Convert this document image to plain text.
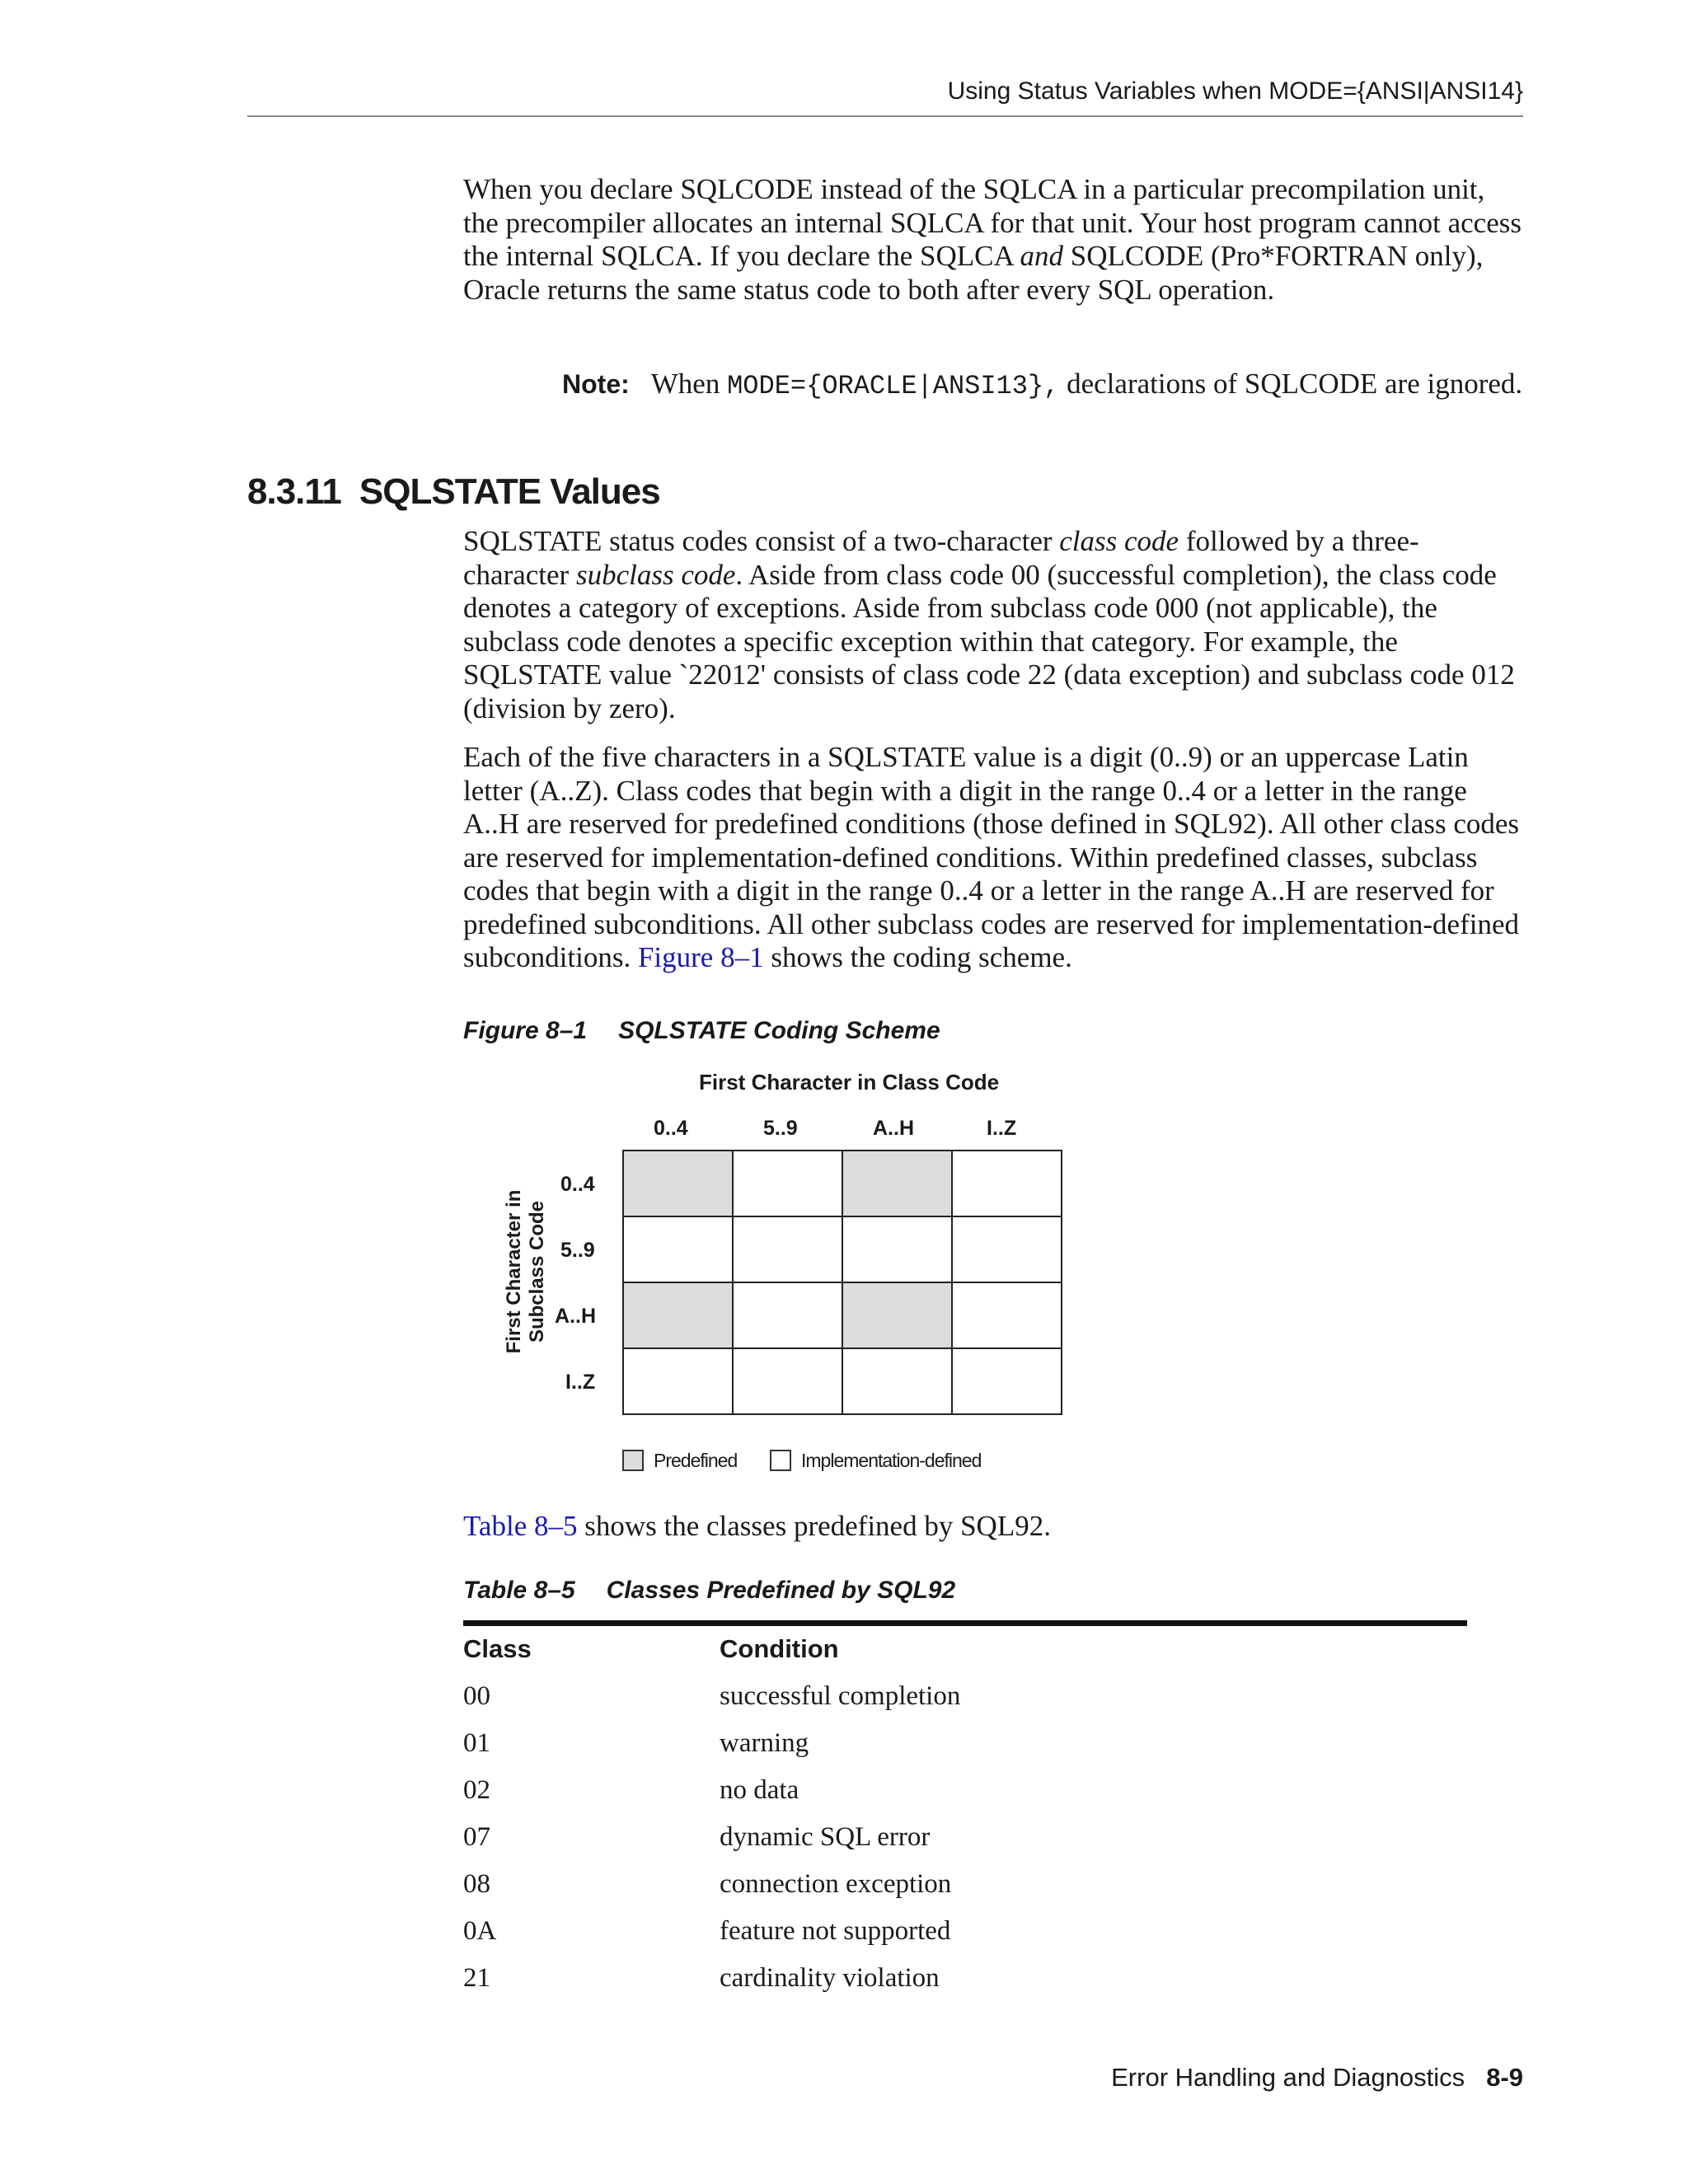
Using Status Variables when MODE={ANSI|ANSI14}

When you declare SQLCODE instead of the SQLCA in a particular precompilation unit, the precompiler allocates an internal SQLCA for that unit. Your host program cannot access the internal SQLCA. If you declare the SQLCA and SQLCODE (Pro*FORTRAN only), Oracle returns the same status code to both after every SQL operation.

Note: When MODE={ORACLE|ANSI13}, declarations of SQLCODE are ignored.
8.3.11 SQLSTATE Values

SQLSTATE status codes consist of a two-character class code followed by a three-character subclass code. Aside from class code 00 (successful completion), the class code denotes a category of exceptions. Aside from subclass code 000 (not applicable), the subclass code denotes a specific exception within that category. For example, the SQLSTATE value `22012' consists of class code 22 (data exception) and subclass code 012 (division by zero).

Each of the five characters in a SQLSTATE value is a digit (0..9) or an uppercase Latin letter (A..Z). Class codes that begin with a digit in the range 0..4 or a letter in the range A..H are reserved for predefined conditions (those defined in SQL92). All other class codes are reserved for implementation-defined conditions. Within predefined classes, subclass codes that begin with a digit in the range 0..4 or a letter in the range A..H are reserved for predefined subconditions. All other subclass codes are reserved for implementation-defined subconditions. Figure 8–1 shows the coding scheme.

Figure 8–1 SQLSTATE Coding Scheme
First Character in Class Code
0..4	5..9	A..H	I..Z
0..4
5..9
A..H
I..Z
First Character in Subclass Code
Predefined	Implementation-defined

Table 8–5 shows the classes predefined by SQL92.

Table 8–5 Classes Predefined by SQL92
Class	Condition
00	successful completion
01	warning
02	no data
07	dynamic SQL error
08	connection exception
0A	feature not supported
21	cardinality violation
Error Handling and Diagnostics 8-9
